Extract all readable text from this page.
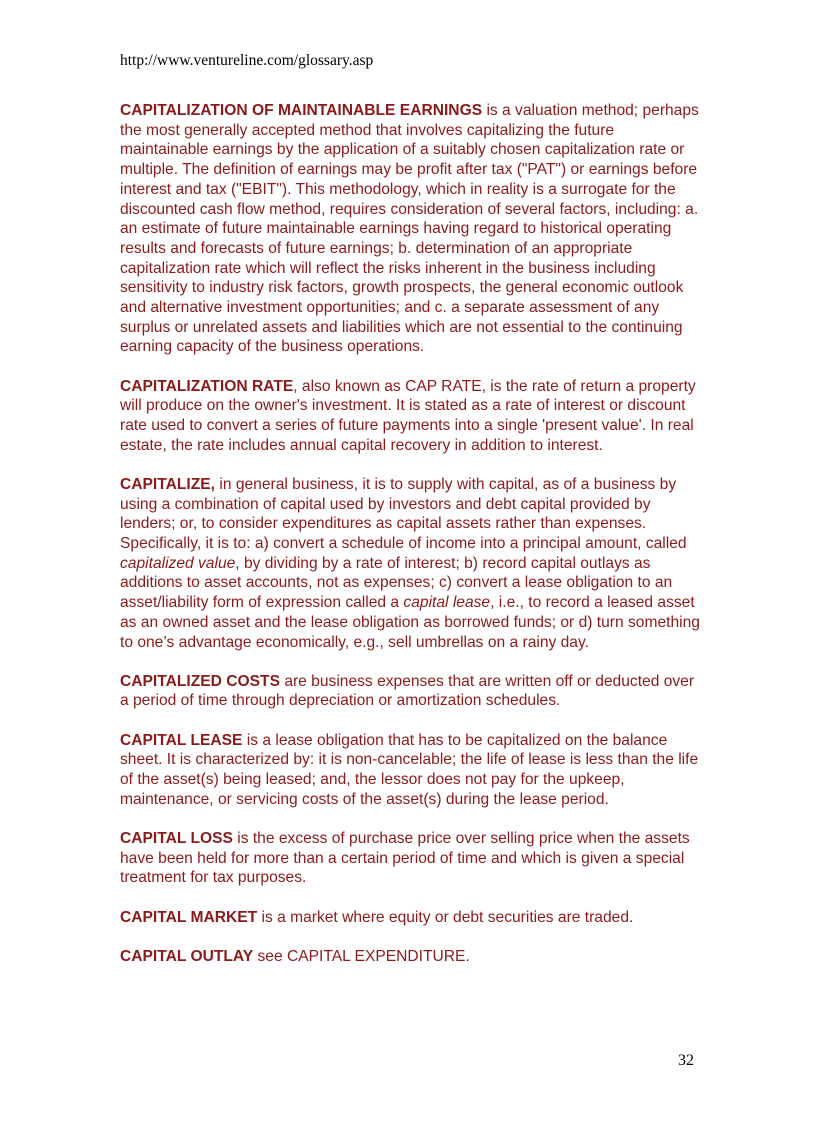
http://www.ventureline.com/glossary.asp

CAPITALIZATION OF MAINTAINABLE EARNINGS is a valuation method; perhaps the most generally accepted method that involves capitalizing the future maintainable earnings by the application of a suitably chosen capitalization rate or multiple. The definition of earnings may be profit after tax ("PAT") or earnings before interest and tax ("EBIT"). This methodology, which in reality is a surrogate for the discounted cash flow method, requires consideration of several factors, including: a. an estimate of future maintainable earnings having regard to historical operating results and forecasts of future earnings; b. determination of an appropriate capitalization rate which will reflect the risks inherent in the business including sensitivity to industry risk factors, growth prospects, the general economic outlook and alternative investment opportunities; and c. a separate assessment of any surplus or unrelated assets and liabilities which are not essential to the continuing earning capacity of the business operations.

CAPITALIZATION RATE, also known as CAP RATE, is the rate of return a property will produce on the owner's investment. It is stated as a rate of interest or discount rate used to convert a series of future payments into a single 'present value'. In real estate, the rate includes annual capital recovery in addition to interest.

CAPITALIZE, in general business, it is to supply with capital, as of a business by using a combination of capital used by investors and debt capital provided by lenders; or, to consider expenditures as capital assets rather than expenses. Specifically, it is to: a) convert a schedule of income into a principal amount, called capitalized value, by dividing by a rate of interest; b) record capital outlays as additions to asset accounts, not as expenses; c) convert a lease obligation to an asset/liability form of expression called a capital lease, i.e., to record a leased asset as an owned asset and the lease obligation as borrowed funds; or d) turn something to one’s advantage economically, e.g., sell umbrellas on a rainy day.

CAPITALIZED COSTS are business expenses that are written off or deducted over a period of time through depreciation or amortization schedules.

CAPITAL LEASE is a lease obligation that has to be capitalized on the balance sheet. It is characterized by: it is non-cancelable; the life of lease is less than the life of the asset(s) being leased; and, the lessor does not pay for the upkeep, maintenance, or servicing costs of the asset(s) during the lease period.

CAPITAL LOSS is the excess of purchase price over selling price when the assets have been held for more than a certain period of time and which is given a special treatment for tax purposes.

CAPITAL MARKET is a market where equity or debt securities are traded.

CAPITAL OUTLAY see CAPITAL EXPENDITURE.

32
